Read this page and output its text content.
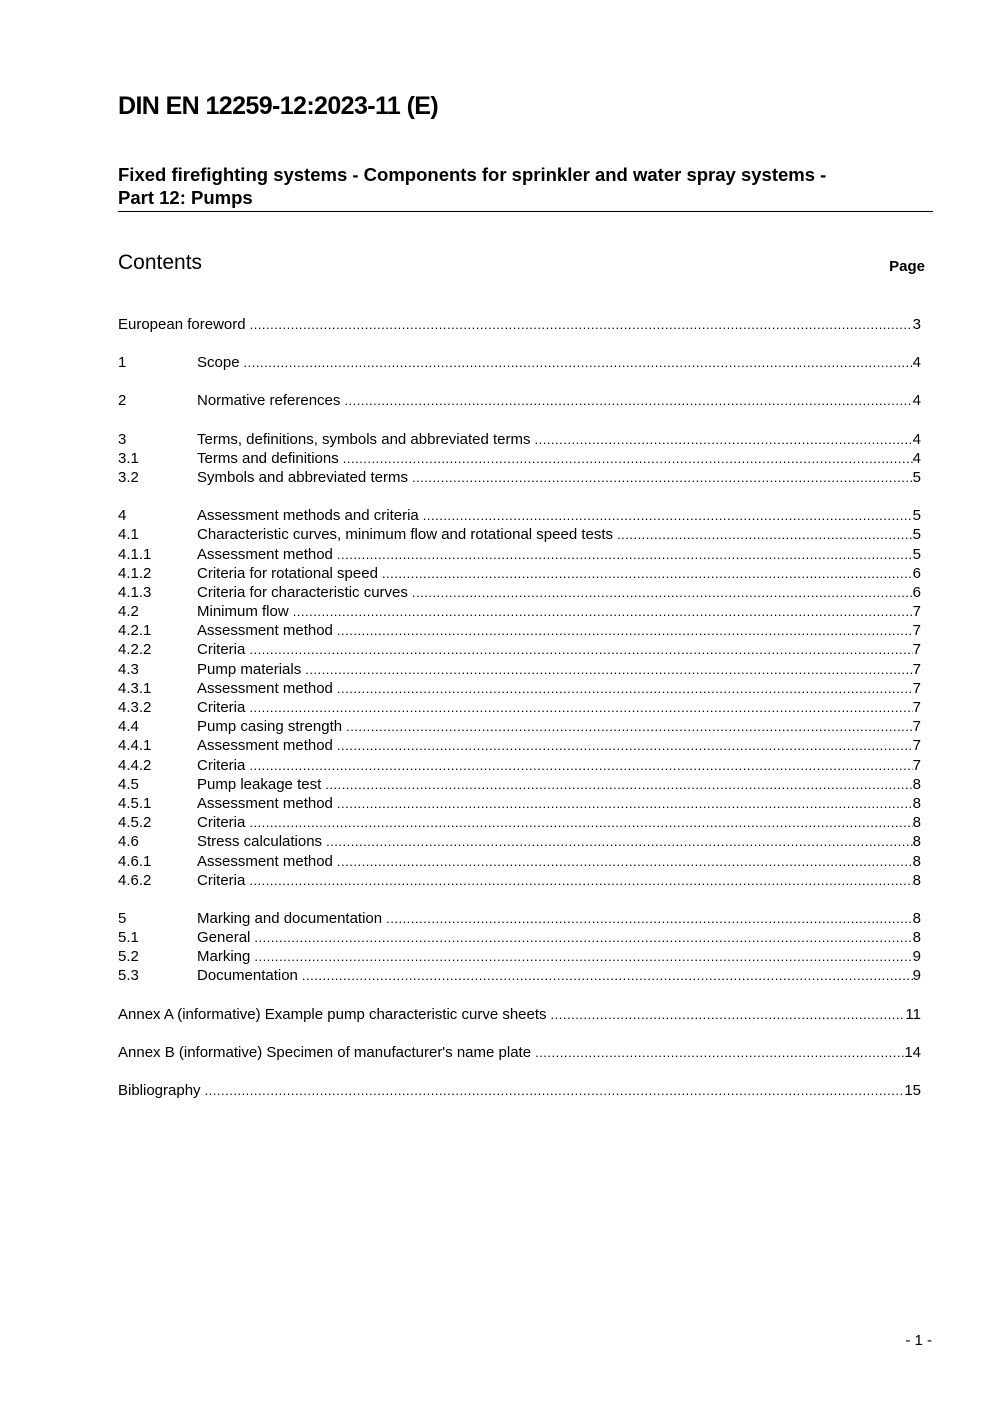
DIN EN 12259-12:2023-11 (E)
Fixed firefighting systems - Components for sprinkler and water spray systems -
Part 12: Pumps
Contents	Page
European foreword .....	3
1	Scope .....	4
2	Normative references .....	4
3	Terms, definitions, symbols and abbreviated terms .....	4
3.1	Terms and definitions .....	4
3.2	Symbols and abbreviated terms .....	5
4	Assessment methods and criteria .....	5
4.1	Characteristic curves, minimum flow and rotational speed tests .....	5
4.1.1	Assessment method .....	5
4.1.2	Criteria for rotational speed .....	6
4.1.3	Criteria for characteristic curves .....	6
4.2	Minimum flow .....	7
4.2.1	Assessment method .....	7
4.2.2	Criteria .....	7
4.3	Pump materials .....	7
4.3.1	Assessment method .....	7
4.3.2	Criteria .....	7
4.4	Pump casing strength .....	7
4.4.1	Assessment method .....	7
4.4.2	Criteria .....	7
4.5	Pump leakage test .....	8
4.5.1	Assessment method .....	8
4.5.2	Criteria .....	8
4.6	Stress calculations .....	8
4.6.1	Assessment method .....	8
4.6.2	Criteria .....	8
5	Marking and documentation .....	8
5.1	General .....	8
5.2	Marking .....	9
5.3	Documentation .....	9
Annex A (informative) Example pump characteristic curve sheets .....	11
Annex B (informative) Specimen of manufacturer's name plate .....	14
Bibliography .....	15
- 1 -
